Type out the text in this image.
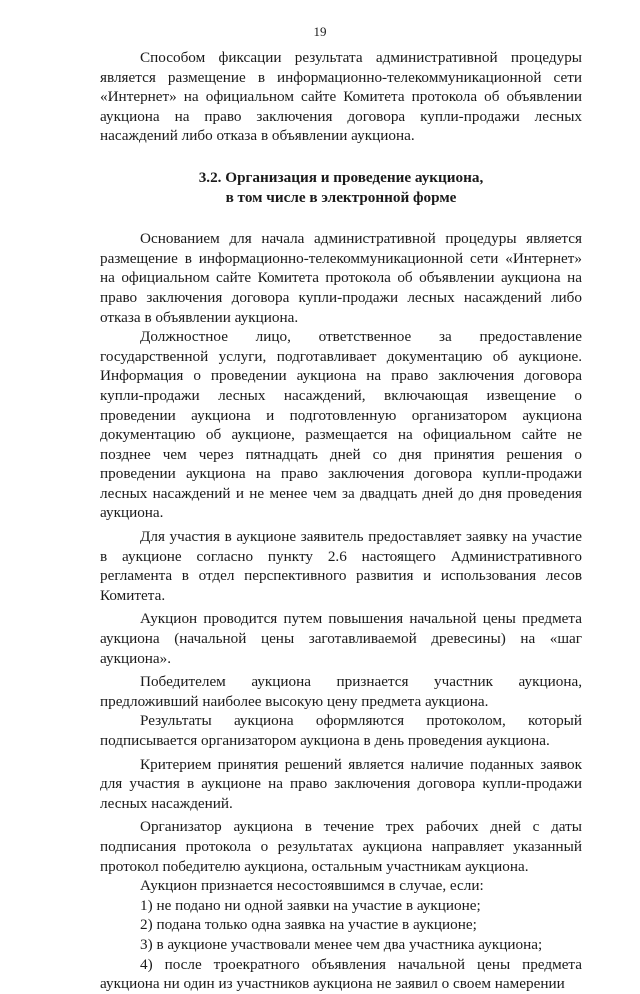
19

Способом фиксации результата административной процедуры является размещение в информационно-телекоммуникационной сети «Интернет» на официальном сайте Комитета протокола об объявлении аукциона на право заключения договора купли-продажи лесных насаждений либо отказа в объявлении аукциона.

3.2. Организация и проведение аукциона,
в том числе в электронной форме

Основанием для начала административной процедуры является размещение в информационно-телекоммуникационной сети «Интернет» на официальном сайте Комитета протокола об объявлении аукциона на право заключения договора купли-продажи лесных насаждений либо отказа в объявлении аукциона.

Должностное лицо, ответственное за предоставление государственной услуги, подготавливает документацию об аукционе. Информация о проведении аукциона на право заключения договора купли-продажи лесных насаждений, включающая извещение о проведении аукциона и подготовленную организатором аукциона документацию об аукционе, размещается на официальном сайте не позднее чем через пятнадцать дней со дня принятия решения о проведении аукциона на право заключения договора купли-продажи лесных насаждений и не менее чем за двадцать дней до дня проведения аукциона.

Для участия в аукционе заявитель предоставляет заявку на участие в аукционе согласно пункту 2.6 настоящего Административного регламента в отдел перспективного развития и использования лесов Комитета.

Аукцион проводится путем повышения начальной цены предмета аукциона (начальной цены заготавливаемой древесины) на «шаг аукциона».

Победителем аукциона признается участник аукциона, предложивший наиболее высокую цену предмета аукциона.

Результаты аукциона оформляются протоколом, который подписывается организатором аукциона в день проведения аукциона.

Критерием принятия решений является наличие поданных заявок для участия в аукционе на право заключения договора купли-продажи лесных насаждений.

Организатор аукциона в течение трех рабочих дней с даты подписания протокола о результатах аукциона направляет указанный протокол победителю аукциона, остальным участникам аукциона.

Аукцион признается несостоявшимся в случае, если:

1) не подано ни одной заявки на участие в аукционе;

2) подана только одна заявка на участие в аукционе;

3) в аукционе участвовали менее чем два участника аукциона;

4) после троекратного объявления начальной цены предмета аукциона ни один из участников аукциона не заявил о своем намерении
